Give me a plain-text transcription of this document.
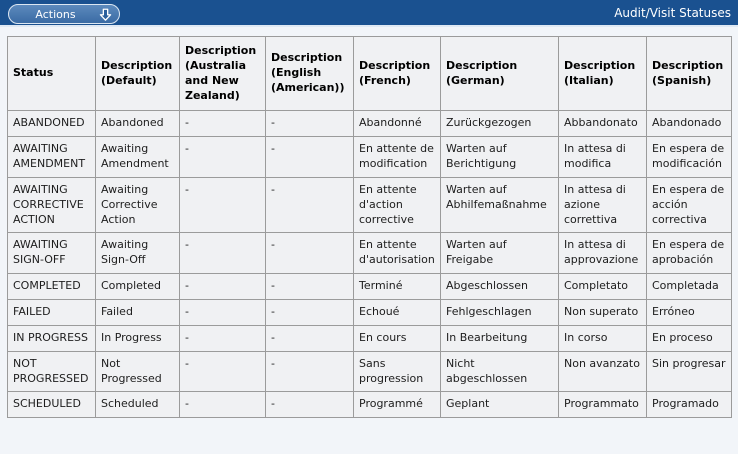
Actions	Audit/Visit Statuses
Status	Description (Default)	Description (Australia and New Zealand)	Description (English (American))	Description (French)	Description (German)	Description (Italian)	Description (Spanish)
ABANDONED	Abandoned	-	-	Abandonné	Zurückgezogen	Abbandonato	Abandonado
AWAITING AMENDMENT	Awaiting Amendment	-	-	En attente de modification	Warten auf Berichtigung	In attesa di modifica	En espera de modificación
AWAITING CORRECTIVE ACTION	Awaiting Corrective Action	-	-	En attente d'action corrective	Warten auf Abhilfemaßnahme	In attesa di azione correttiva	En espera de acción correctiva
AWAITING SIGN-OFF	Awaiting Sign-Off	-	-	En attente d'autorisation	Warten auf Freigabe	In attesa di approvazione	En espera de aprobación
COMPLETED	Completed	-	-	Terminé	Abgeschlossen	Completato	Completada
FAILED	Failed	-	-	Echoué	Fehlgeschlagen	Non superato	Erróneo
IN PROGRESS	In Progress	-	-	En cours	In Bearbeitung	In corso	En proceso
NOT PROGRESSED	Not Progressed	-	-	Sans progression	Nicht abgeschlossen	Non avanzato	Sin progresar
SCHEDULED	Scheduled	-	-	Programmé	Geplant	Programmato	Programado
